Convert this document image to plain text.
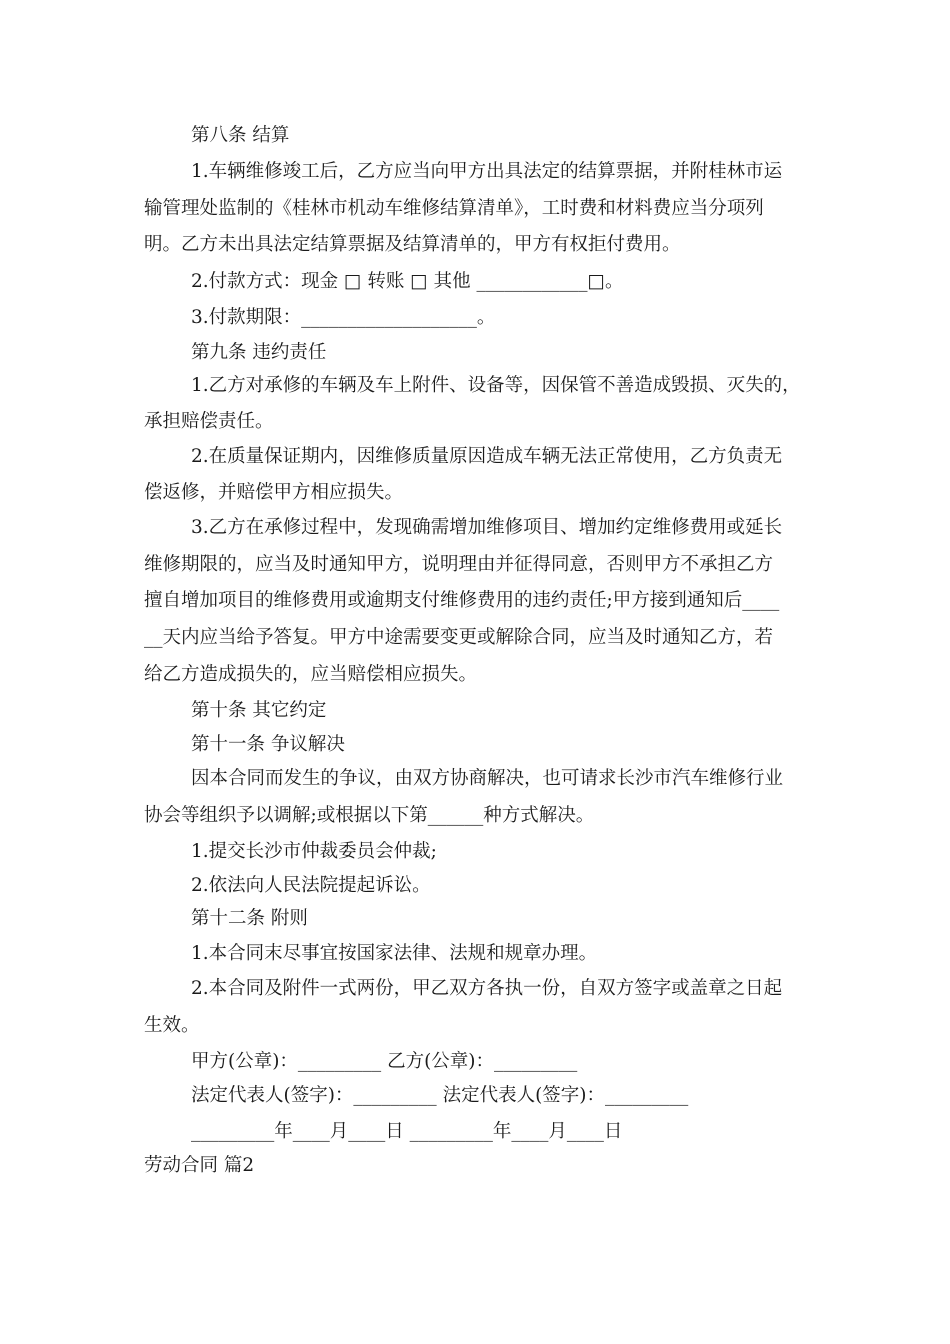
第八条 结算
1.车辆维修竣工后，乙方应当向甲方出具法定的结算票据，并附桂林市运
输管理处监制的《桂林市机动车维修结算清单》，工时费和材料费应当分项列
明。乙方未出具法定结算票据及结算清单的，甲方有权拒付费用。
2.付款方式：现金 □ 转账 □ 其他 ____________□。
3.付款期限：___________________。
第九条 违约责任
1.乙方对承修的车辆及车上附件、设备等，因保管不善造成毁损、灭失的，
承担赔偿责任。
2.在质量保证期内，因维修质量原因造成车辆无法正常使用，乙方负责无
偿返修，并赔偿甲方相应损失。
3.乙方在承修过程中，发现确需增加维修项目、增加约定维修费用或延长
维修期限的，应当及时通知甲方，说明理由并征得同意，否则甲方不承担乙方
擅自增加项目的维修费用或逾期支付维修费用的违约责任;甲方接到通知后____
__天内应当给予答复。甲方中途需要变更或解除合同，应当及时通知乙方，若
给乙方造成损失的，应当赔偿相应损失。
第十条 其它约定
第十一条 争议解决
因本合同而发生的争议，由双方协商解决，也可请求长沙市汽车维修行业
协会等组织予以调解;或根据以下第______种方式解决。
1.提交长沙市仲裁委员会仲裁;
2.依法向人民法院提起诉讼。
第十二条 附则
1.本合同末尽事宜按国家法律、法规和规章办理。
2.本合同及附件一式两份，甲乙双方各执一份，自双方签字或盖章之日起
生效。
甲方(公章)：_________ 乙方(公章)：_________
法定代表人(签字)：_________ 法定代表人(签字)：_________
_________年____月____日 _________年____月____日
劳动合同 篇2
